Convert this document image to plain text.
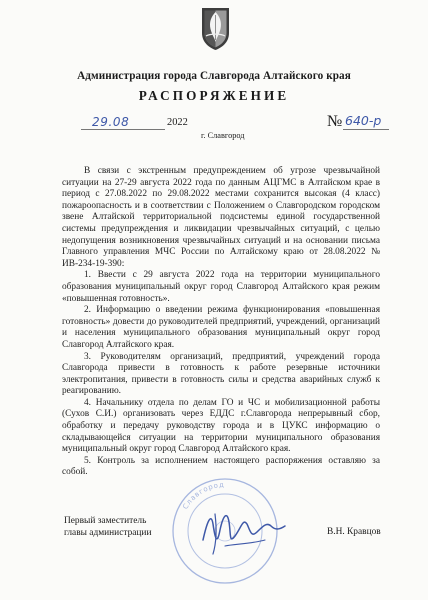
Администрация города Славгорода Алтайского края
РАСПОРЯЖЕНИЕ
29.08	2022
г. Славгород
№ 640-р

В связи с экстренным предупреждением об угрозе чрезвычайной ситуации на 27-29 августа 2022 года по данным АЦГМС в Алтайском крае в период с 27.08.2022 по 29.08.2022 местами сохранится высокая (4 класс) пожароопасность и в соответствии с Положением о Славгородском городском звене Алтайской территориальной подсистемы единой государственной системы предупреждения и ликвидации чрезвычайных ситуаций, с целью недопущения возникновения чрезвычайных ситуаций и на основании письма Главного управления МЧС России по Алтайскому краю от 28.08.2022 № ИВ-234-19-390:

1. Ввести с 29 августа 2022 года на территории муниципального образования муниципальный округ город Славгород Алтайского края режим «повышенная готовность».

2. Информацию о введении режима функционирования «повышенная готовность» довести до руководителей предприятий, учреждений, организаций и населения муниципального образования муниципальный округ город Славгород Алтайского края.

3. Руководителям организаций, предприятий, учреждений города Славгорода привести в готовность к работе резервные источники электропитания, привести в готовность силы и средства аварийных служб к реагированию.

4. Начальнику отдела по делам ГО и ЧС и мобилизационной работы (Сухов С.И.) организовать через ЕДДС г.Славгорода непрерывный сбор, обработку и передачу руководству города и в ЦУКС информацию о складывающейся ситуации на территории муниципального образования муниципальный округ город Славгород Алтайского края.

5. Контроль за исполнением настоящего распоряжения оставляю за собой.

Славгород
Первый заместитель
главы администрации	В.Н. Кравцов
